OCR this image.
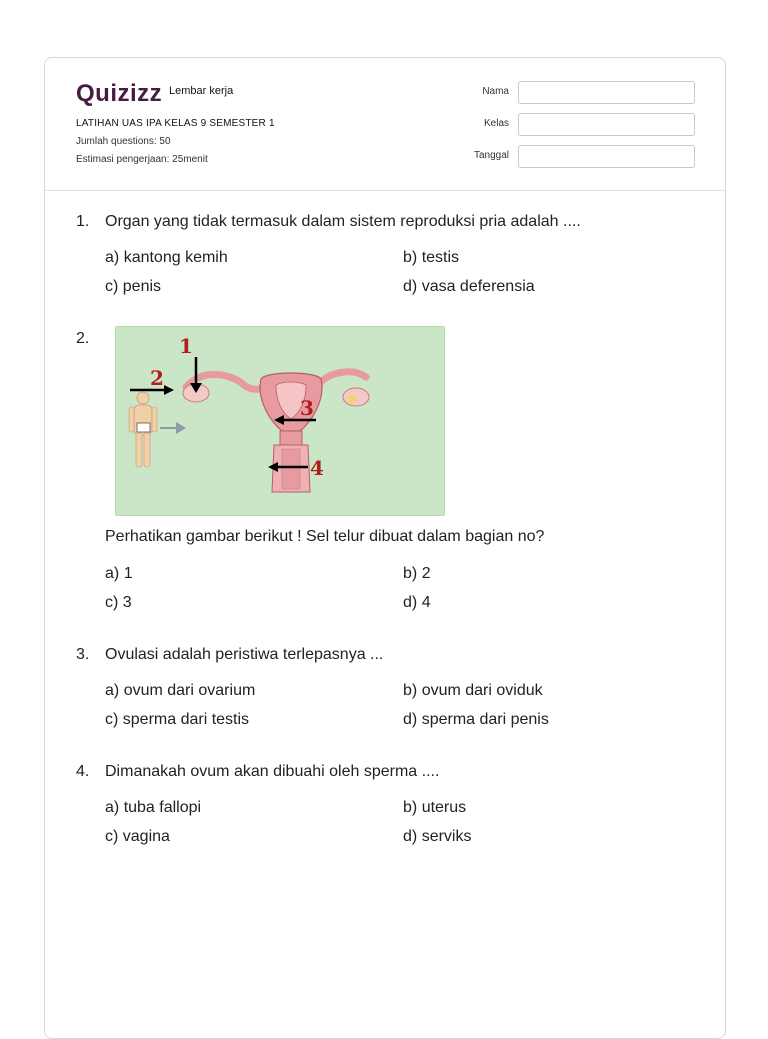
Quizizz Lembar kerja
LATIHAN UAS IPA KELAS 9 SEMESTER 1
Jumlah questions: 50
Estimasi pengerjaan: 25menit
Nama
Kelas
Tanggal
1. Organ yang tidak termasuk dalam sistem reproduksi pria adalah ....
a) kantong kemih	b) testis
c) penis	d) vasa deferensia
2.	1
2
3
4
Perhatikan gambar berikut ! Sel telur dibuat dalam bagian no?
a) 1	b) 2
c) 3	d) 4
3. Ovulasi adalah peristiwa terlepasnya ...
a) ovum dari ovarium	b) ovum dari oviduk
c) sperma dari testis	d) sperma dari penis
4. Dimanakah ovum akan dibuahi oleh sperma ....
a) tuba fallopi	b) uterus
c) vagina	d) serviks
